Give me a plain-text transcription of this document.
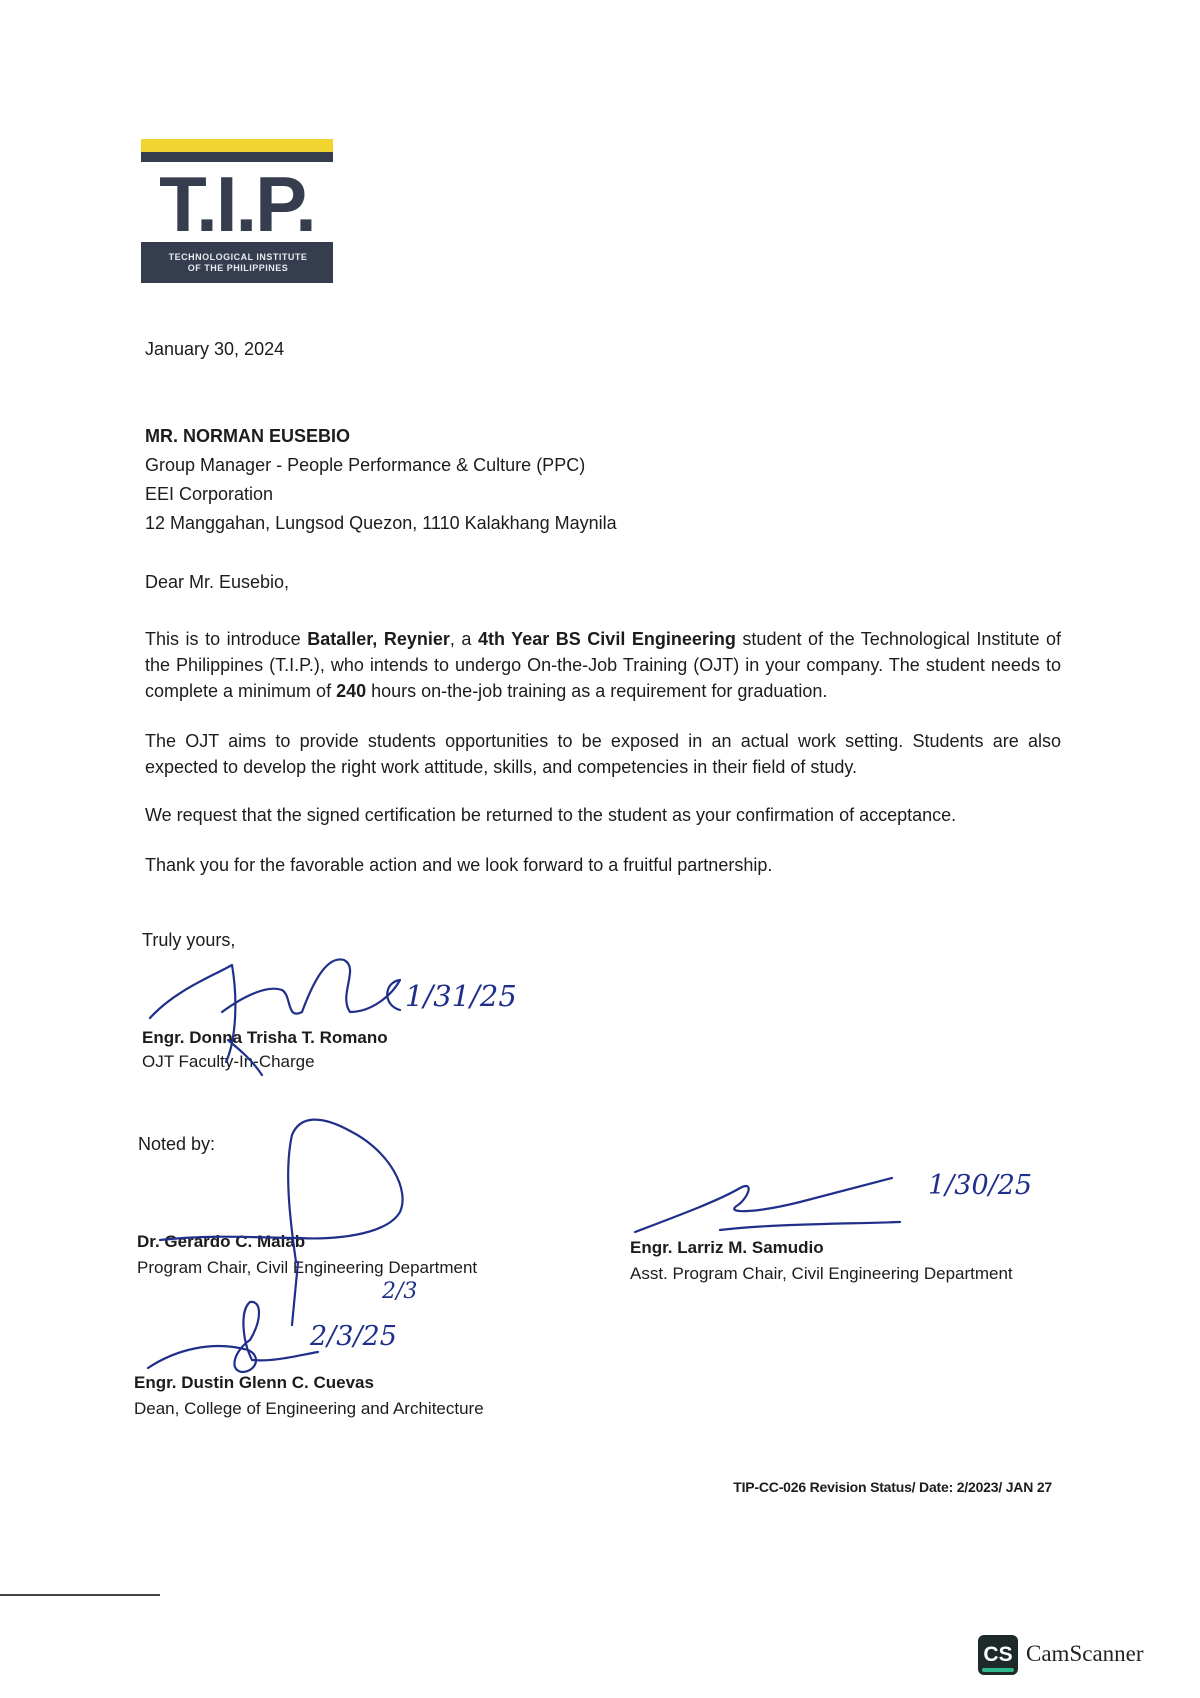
T.I.P.
TECHNOLOGICAL INSTITUTE
OF THE PHILIPPINES
January 30, 2024
MR. NORMAN EUSEBIO
Group Manager - People Performance & Culture (PPC)
EEI Corporation
12 Manggahan, Lungsod Quezon, 1110 Kalakhang Maynila
Dear Mr. Eusebio,
This is to introduce Bataller, Reynier, a 4th Year BS Civil Engineering student of the Technological Institute of the Philippines (T.I.P.), who intends to undergo On-the-Job Training (OJT) in your company. The student needs to complete a minimum of 240 hours on-the-job training as a requirement for graduation.
The OJT aims to provide students opportunities to be exposed in an actual work setting. Students are also expected to develop the right work attitude, skills, and competencies in their field of study.
We request that the signed certification be returned to the student as your confirmation of acceptance.
Thank you for the favorable action and we look forward to a fruitful partnership.
Truly yours,
Engr. Donna Trisha T. Romano
OJT Faculty-In-Charge
Noted by:
Dr. Gerardo C. Malab
Program Chair, Civil Engineering Department
Engr. Dustin Glenn C. Cuevas
Dean, College of Engineering and Architecture
Engr. Larriz M. Samudio
Asst. Program Chair, Civil Engineering Department
1/31/25
2/3
2/3/25
1/30/25
TIP-CC-026 Revision Status/ Date: 2/2023/ JAN 27
CS CamScanner
